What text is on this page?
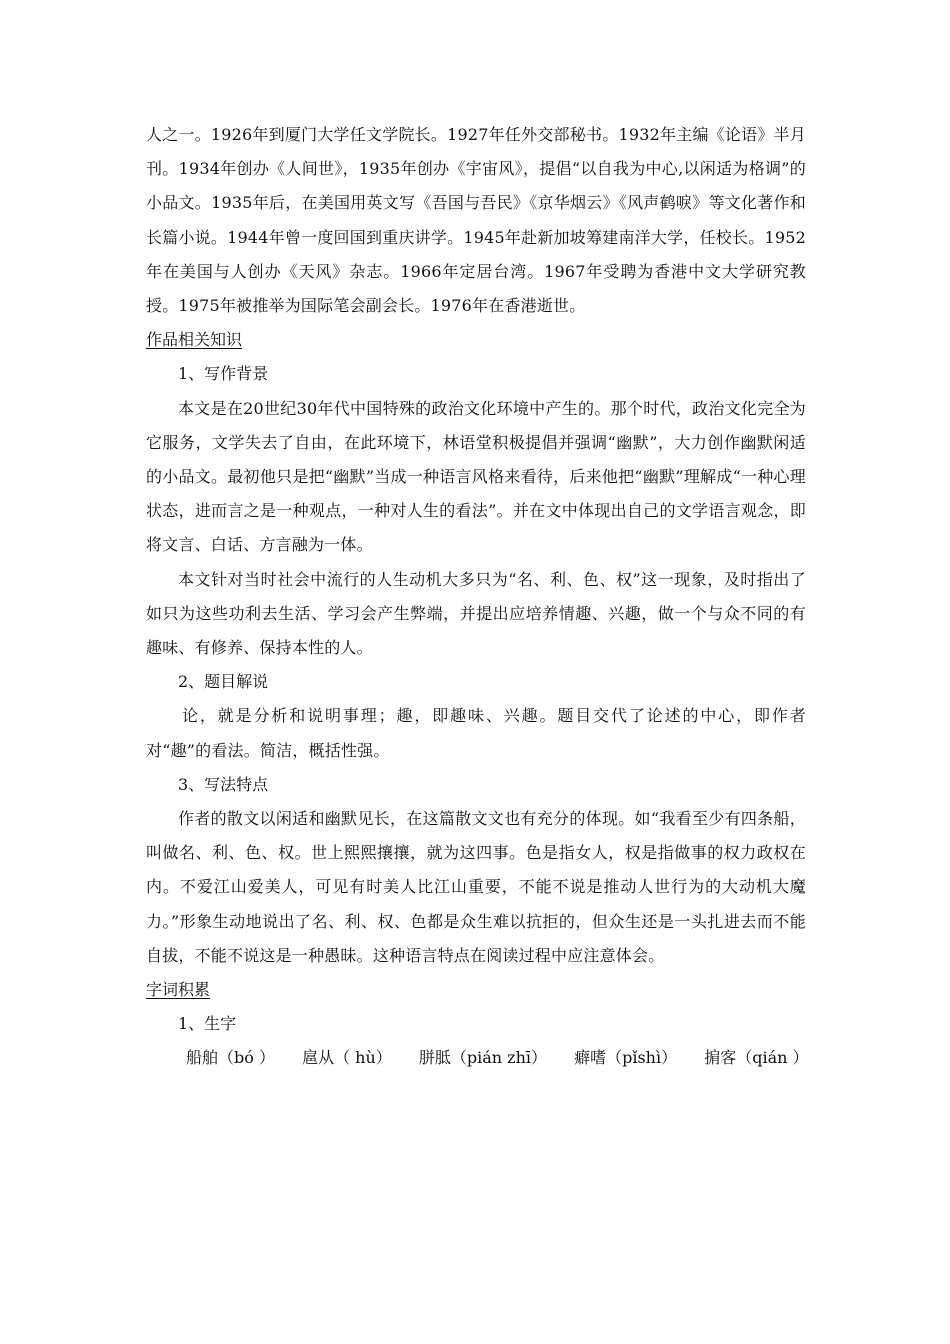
人之一。1926年到厦门大学任文学院长。1927年任外交部秘书。1932年主编《论语》半月刊。1934年创办《人间世》，1935年创办《宇宙风》，提倡“以自我为中心,以闲适为格调”的小品文。1935年后，在美国用英文写《吾国与吾民》《京华烟云》《风声鹤唳》等文化著作和长篇小说。1944年曾一度回国到重庆讲学。1945年赴新加坡筹建南洋大学，任校长。1952年在美国与人创办《天风》杂志。1966年定居台湾。1967年受聘为香港中文大学研究教授。1975年被推举为国际笔会副会长。1976年在香港逝世。

作品相关知识

1、写作背景

本文是在20世纪30年代中国特殊的政治文化环境中产生的。那个时代，政治文化完全为它服务，文学失去了自由，在此环境下，林语堂积极提倡并强调“幽默”，大力创作幽默闲适的小品文。最初他只是把“幽默”当成一种语言风格来看待，后来他把“幽默”理解成“一种心理状态，进而言之是一种观点，一种对人生的看法”。并在文中体现出自己的文学语言观念，即将文言、白话、方言融为一体。

本文针对当时社会中流行的人生动机大多只为“名、利、色、权”这一现象，及时指出了如只为这些功利去生活、学习会产生弊端，并提出应培养情趣、兴趣，做一个与众不同的有趣味、有修养、保持本性的人。

2、题目解说

论，就是分析和说明事理；趣，即趣味、兴趣。题目交代了论述的中心，即作者对“趣”的看法。简洁，概括性强。

3、写法特点

作者的散文以闲适和幽默见长，在这篇散文文也有充分的体现。如“我看至少有四条船，叫做名、利、色、权。世上熙熙攘攘，就为这四事。色是指女人，权是指做事的权力政权在内。不爱江山爱美人，可见有时美人比江山重要，不能不说是推动人世行为的大动机大魔力。”形象生动地说出了名、利、权、色都是众生难以抗拒的，但众生还是一头扎进去而不能自拔，不能不说这是一种愚昧。这种语言特点在阅读过程中应注意体会。

字词积累

1、生字

船舶（bó ） 扈从（ hù） 胼胝（pián zhī） 癖嗜（pǐshì） 掮客（qián ）
